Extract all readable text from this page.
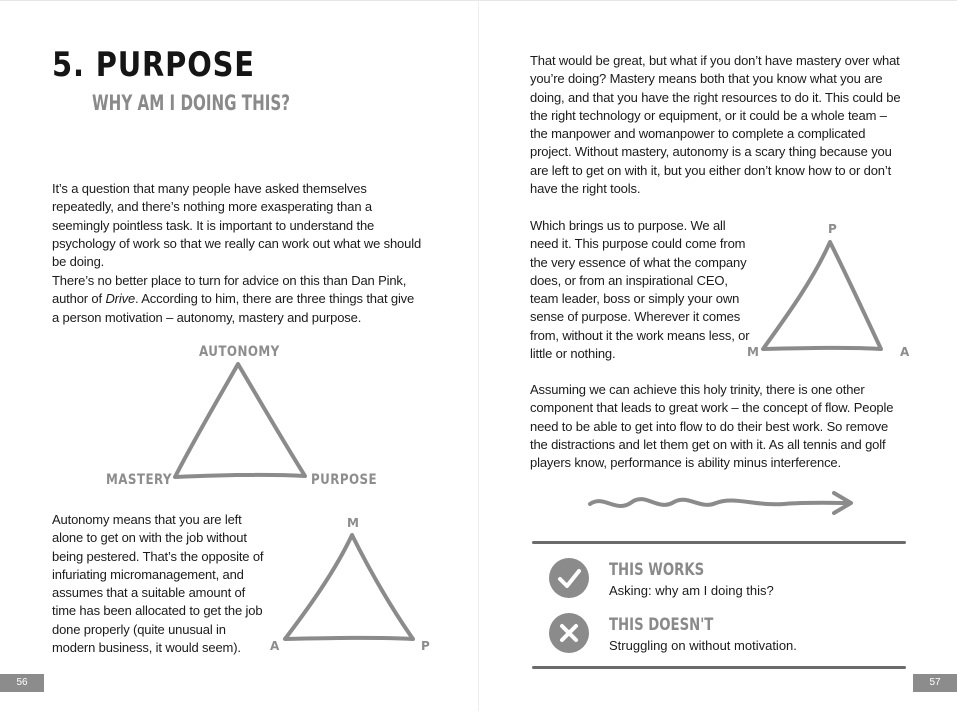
5. PURPOSE
WHY AM I DOING THIS?

It’s a question that many people have asked themselves repeatedly, and there’s nothing more exasperating than a seemingly pointless task. It is important to understand the psychology of work so that we really can work out what we should be doing.

There’s no better place to turn for advice on this than Dan Pink, author of Drive. According to him, there are three things that give a person motivation – autonomy, mastery and purpose.

AUTONOMY
MASTERY	PURPOSE

Autonomy means that you are left alone to get on with the job without being pestered. That’s the opposite of infuriating micromanagement, and assumes that a suitable amount of time has been allocated to get the job done properly (quite unusual in modern business, it would seem).

M
A	P
56

That would be great, but what if you don’t have mastery over what you’re doing? Mastery means both that you know what you are doing, and that you have the right resources to do it. This could be the right technology or equipment, or it could be a whole team – the manpower and womanpower to complete a complicated project. Without mastery, autonomy is a scary thing because you are left to get on with it, but you either don’t know how to or don’t have the right tools.

Which brings us to purpose. We all need it. This purpose could come from the very essence of what the company does, or from an inspirational CEO, team leader, boss or simply your own sense of purpose. Wherever it comes from, without it the work means less, or little or nothing.

P
M	A

Assuming we can achieve this holy trinity, there is one other component that leads to great work – the concept of flow. People need to be able to get into flow to do their best work. So remove the distractions and let them get on with it. As all tennis and golf players know, performance is ability minus interference.

THIS WORKS
Asking: why am I doing this?
THIS DOESN'T
Struggling on without motivation.
57
